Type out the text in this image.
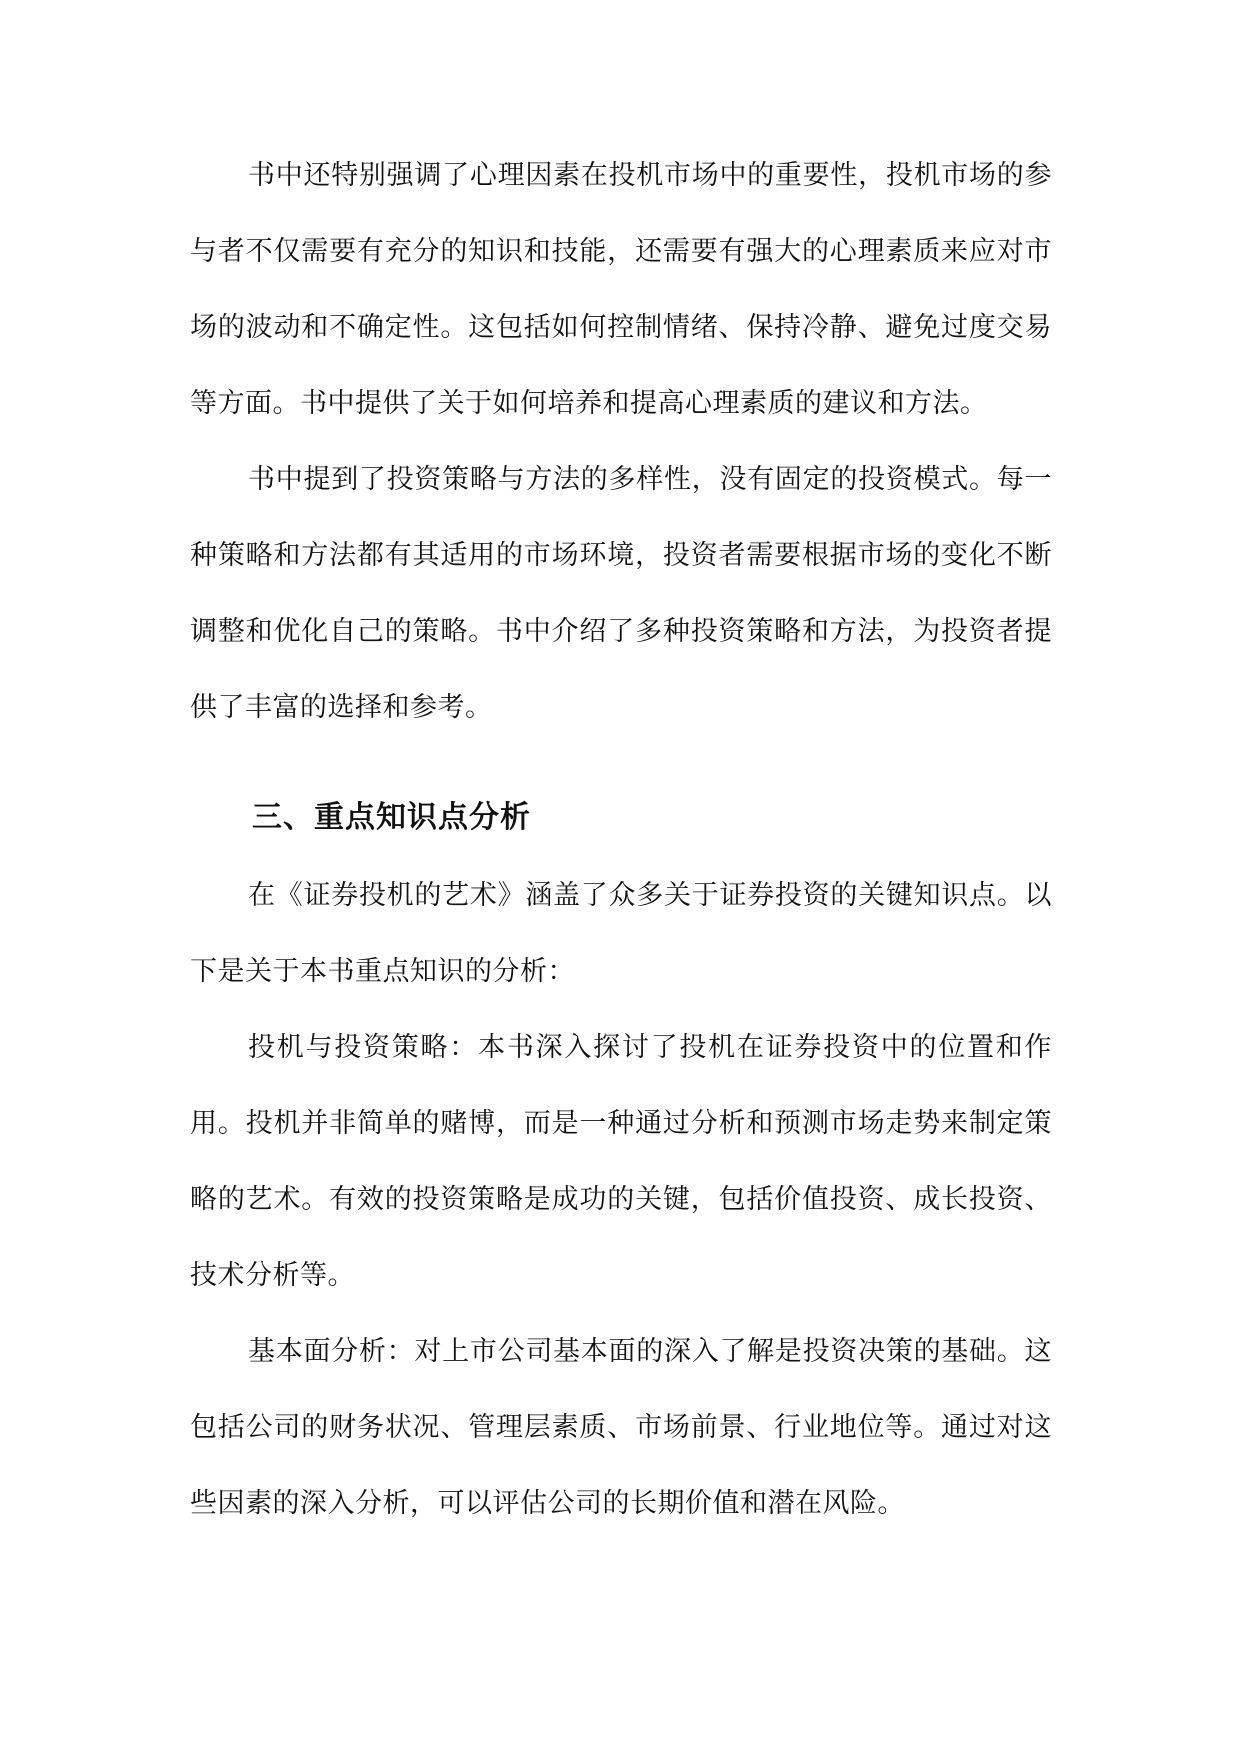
书中还特别强调了心理因素在投机市场中的重要性，投机市场的参与者不仅需要有充分的知识和技能，还需要有强大的心理素质来应对市场的波动和不确定性。这包括如何控制情绪、保持冷静、避免过度交易等方面。书中提供了关于如何培养和提高心理素质的建议和方法。

书中提到了投资策略与方法的多样性，没有固定的投资模式。每一种策略和方法都有其适用的市场环境，投资者需要根据市场的变化不断调整和优化自己的策略。书中介绍了多种投资策略和方法，为投资者提供了丰富的选择和参考。

三、重点知识点分析

在《证券投机的艺术》涵盖了众多关于证券投资的关键知识点。以下是关于本书重点知识的分析：

投机与投资策略：本书深入探讨了投机在证券投资中的位置和作用。投机并非简单的赌博，而是一种通过分析和预测市场走势来制定策略的艺术。有效的投资策略是成功的关键，包括价值投资、成长投资、技术分析等。

基本面分析：对上市公司基本面的深入了解是投资决策的基础。这包括公司的财务状况、管理层素质、市场前景、行业地位等。通过对这些因素的深入分析，可以评估公司的长期价值和潜在风险。
